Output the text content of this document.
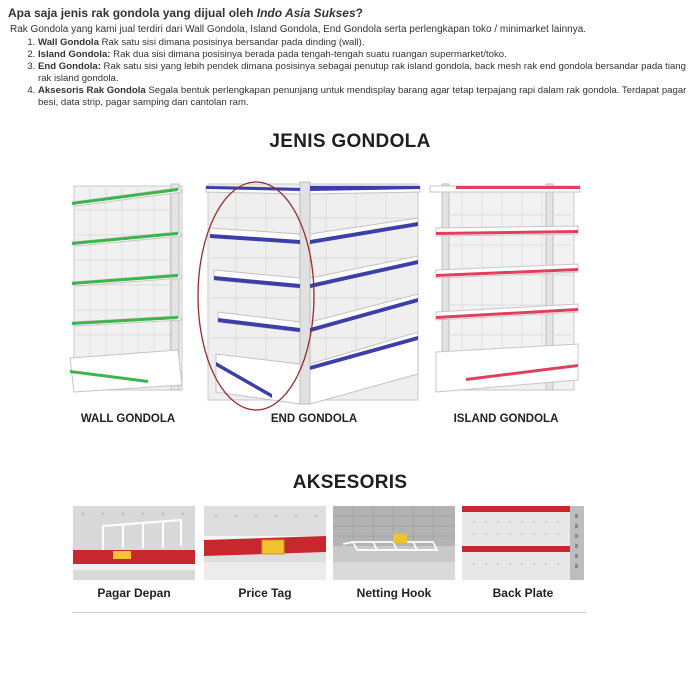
Apa saja jenis rak gondola yang dijual oleh Indo Asia Sukses?

Rak Gondola yang kami jual terdiri dari Wall Gondola, Island Gondola, End Gondola serta perlengkapan toko / minimarket lainnya.

1. Wall Gondola Rak satu sisi dimana posisinya bersandar pada dinding (wall).
2. Island Gondola: Rak dua sisi dimana posisinya berada pada tengah-tengah suatu ruangan supermarket/toko.
3. End Gondola: Rak satu sisi yang lebih pendek dimana posisinya sebagai penutup rak island gondola, back mesh rak end gondola bersandar pada tiang rak island gondola.
4. Aksesoris Rak Gondola Segala bentuk perlengkapan penunjang untuk mendisplay barang agar tetap terpajang rapi dalam rak gondola. Terdapat pagar besi, data strip, pagar samping dan cantolan ram.
JENIS GONDOLA
WALL GONDOLA	END GONDOLA	ISLAND GONDOLA
AKSESORIS
Pagar Depan	Price Tag	Netting Hook	Back Plate
